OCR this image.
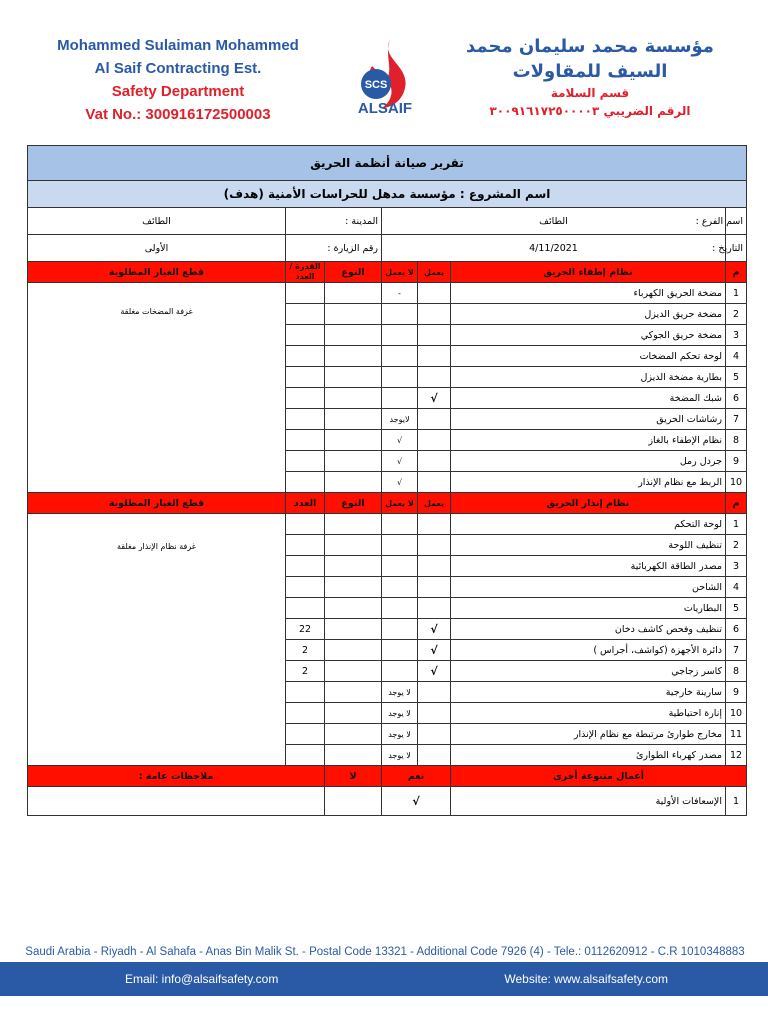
Mohammed Sulaiman Mohammed
Al Saif Contracting Est.
Safety Department
Vat No.: 300916172500003
SCS
ALSAIF
مؤسسة محمد سليمان محمد
السيف للمقاولات
قسم السلامة
الرقم الضريبي ٣٠٠٩١٦١٧٢٥٠٠٠٠٣
تقرير صيانة أنظمة الحريق						
اسم المشروع : مؤسسة مدهل للحراسات الأمنية (هدف)						
الطائف	المدينة :		الطائف			اسم الفرع :
الأولى	رقم الزيارة :		4/11/2021			التاريخ :
قطع الغيار المطلوبة	القدرة / العدد	النوع	لا يعمل	يعمل	نظام إطفاء الحريق	م
غرفة المضخات مغلقة			-		مضخة الحريق الكهرباء	1
					مضخة حريق الديزل	2
					مضخة حريق الجوكي	3
					لوحة تحكم المضخات	4
					بطارية مضخة الديزل	5
				√	شبك المضخة	6
			لايوجد		رشاشات الحريق	7
			√		نظام الإطفاء بالغاز	8
			√		جردل رمل	9
			√		الربط مع نظام الإنذار	10
قطع الغيار المطلوبة	العدد	النوع	لا يعمل	يعمل	نظام إنذار الحريق	م
غرفة نظام الإنذار مغلقة					لوحة التحكم	1
					تنظيف اللوحة	2
					مصدر الطاقة الكهربائية	3
					الشاحن	4
					البطاريات	5
	22			√	تنظيف وفحص كاشف دخان	6
	2			√	دائرة الأجهزة (كواشف، أجراس )	7
	2			√	كاسر زجاجي	8
			لا يوجد		سارينة خارجية	9
			لا يوجد		إنارة احتياطية	10
			لا يوجد		مخارج طوارئ مرتبطة مع نظام الإنذار	11
			لا يوجد		مصدر كهرباء الطوارئ	12
ملاحظات عامة :		لا	نعم		أعمال متنوعة أخرى	
			√		الإسعافات الأولية	1
Saudi Arabia - Riyadh - Al Sahafa - Anas Bin Malik St. - Postal Code 13321 - Additional Code 7926 (4) - Tele.: 0112620912 - C.R 1010348883
Email: info@alsaifsafety.com	Website: www.alsaifsafety.com
